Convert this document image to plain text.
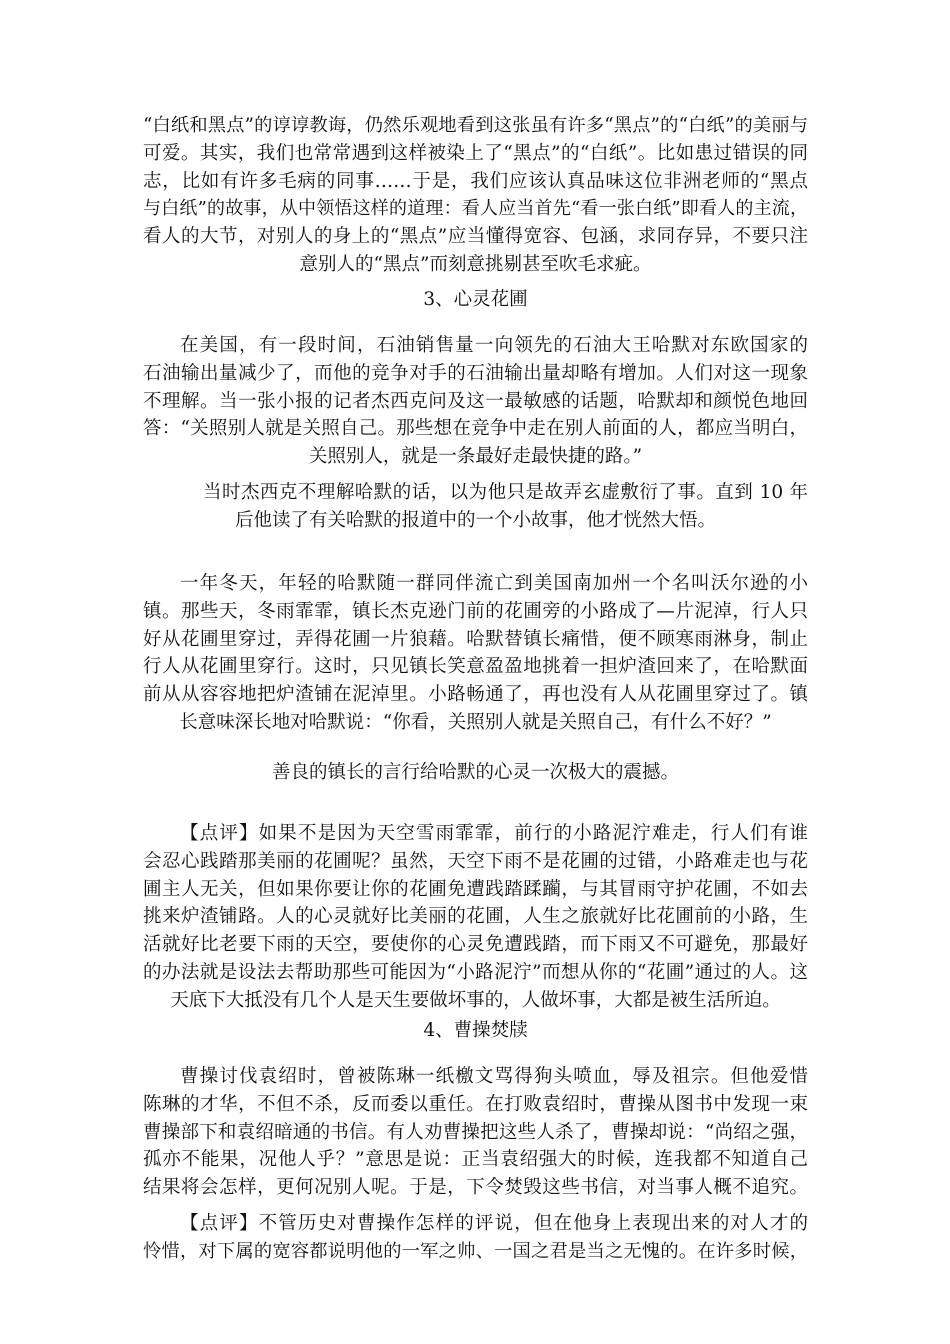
“白纸和黑点”的谆谆教诲，仍然乐观地看到这张虽有许多“黑点”的“白纸”的美丽与

可爱。其实，我们也常常遇到这样被染上了“黑点”的“白纸”。比如患过错误的同

志，比如有许多毛病的同事……于是，我们应该认真品味这位非洲老师的“黑点

与白纸”的故事，从中领悟这样的道理：看人应当首先“看一张白纸”即看人的主流，

看人的大节，对别人的身上的“黑点”应当懂得宽容、包涵，求同存异，不要只注

意别人的“黑点”而刻意挑剔甚至吹毛求疵。

3、心灵花圃

在美国，有一段时间，石油销售量一向领先的石油大王哈默对东欧国家的

石油输出量减少了，而他的竞争对手的石油输出量却略有增加。人们对这一现象

不理解。当一张小报的记者杰西克问及这一最敏感的话题，哈默却和颜悦色地回

答：“关照别人就是关照自己。那些想在竞争中走在别人前面的人，都应当明白，

关照别人，就是一条最好走最快捷的路。”

当时杰西克不理解哈默的话，以为他只是故弄玄虚敷衍了事。直到 10 年

后他读了有关哈默的报道中的一个小故事，他才恍然大悟。

一年冬天，年轻的哈默随一群同伴流亡到美国南加州一个名叫沃尔逊的小

镇。那些天，冬雨霏霏，镇长杰克逊门前的花圃旁的小路成了—片泥淖，行人只

好从花圃里穿过，弄得花圃一片狼藉。哈默替镇长痛惜，便不顾寒雨淋身，制止

行人从花圃里穿行。这时，只见镇长笑意盈盈地挑着一担炉渣回来了，在哈默面

前从从容容地把炉渣铺在泥淖里。小路畅通了，再也没有人从花圃里穿过了。镇

长意味深长地对哈默说：“你看，关照别人就是关照自己，有什么不好？”

善良的镇长的言行给哈默的心灵一次极大的震撼。

【点评】如果不是因为天空雪雨霏霏，前行的小路泥泞难走，行人们有谁

会忍心践踏那美丽的花圃呢？虽然，天空下雨不是花圃的过错，小路难走也与花

圃主人无关，但如果你要让你的花圃免遭践踏蹂躏，与其冒雨守护花圃，不如去

挑来炉渣铺路。人的心灵就好比美丽的花圃，人生之旅就好比花圃前的小路，生

活就好比老要下雨的天空，要使你的心灵免遭践踏，而下雨又不可避免，那最好

的办法就是设法去帮助那些可能因为“小路泥泞”而想从你的“花圃”通过的人。这

天底下大抵没有几个人是天生要做坏事的，人做坏事，大都是被生活所迫。

4、曹操焚牍

曹操讨伐袁绍时，曾被陈琳一纸檄文骂得狗头喷血，辱及祖宗。但他爱惜

陈琳的才华，不但不杀，反而委以重任。在打败袁绍时，曹操从图书中发现一束

曹操部下和袁绍暗通的书信。有人劝曹操把这些人杀了，曹操却说：“尚绍之强，

孤亦不能果，况他人乎？”意思是说：正当袁绍强大的时候，连我都不知道自己

结果将会怎样，更何况别人呢。于是，下令焚毁这些书信，对当事人概不追究。

【点评】不管历史对曹操作怎样的评说，但在他身上表现出来的对人才的

怜惜，对下属的宽容都说明他的一军之帅、一国之君是当之无愧的。在许多时候，
